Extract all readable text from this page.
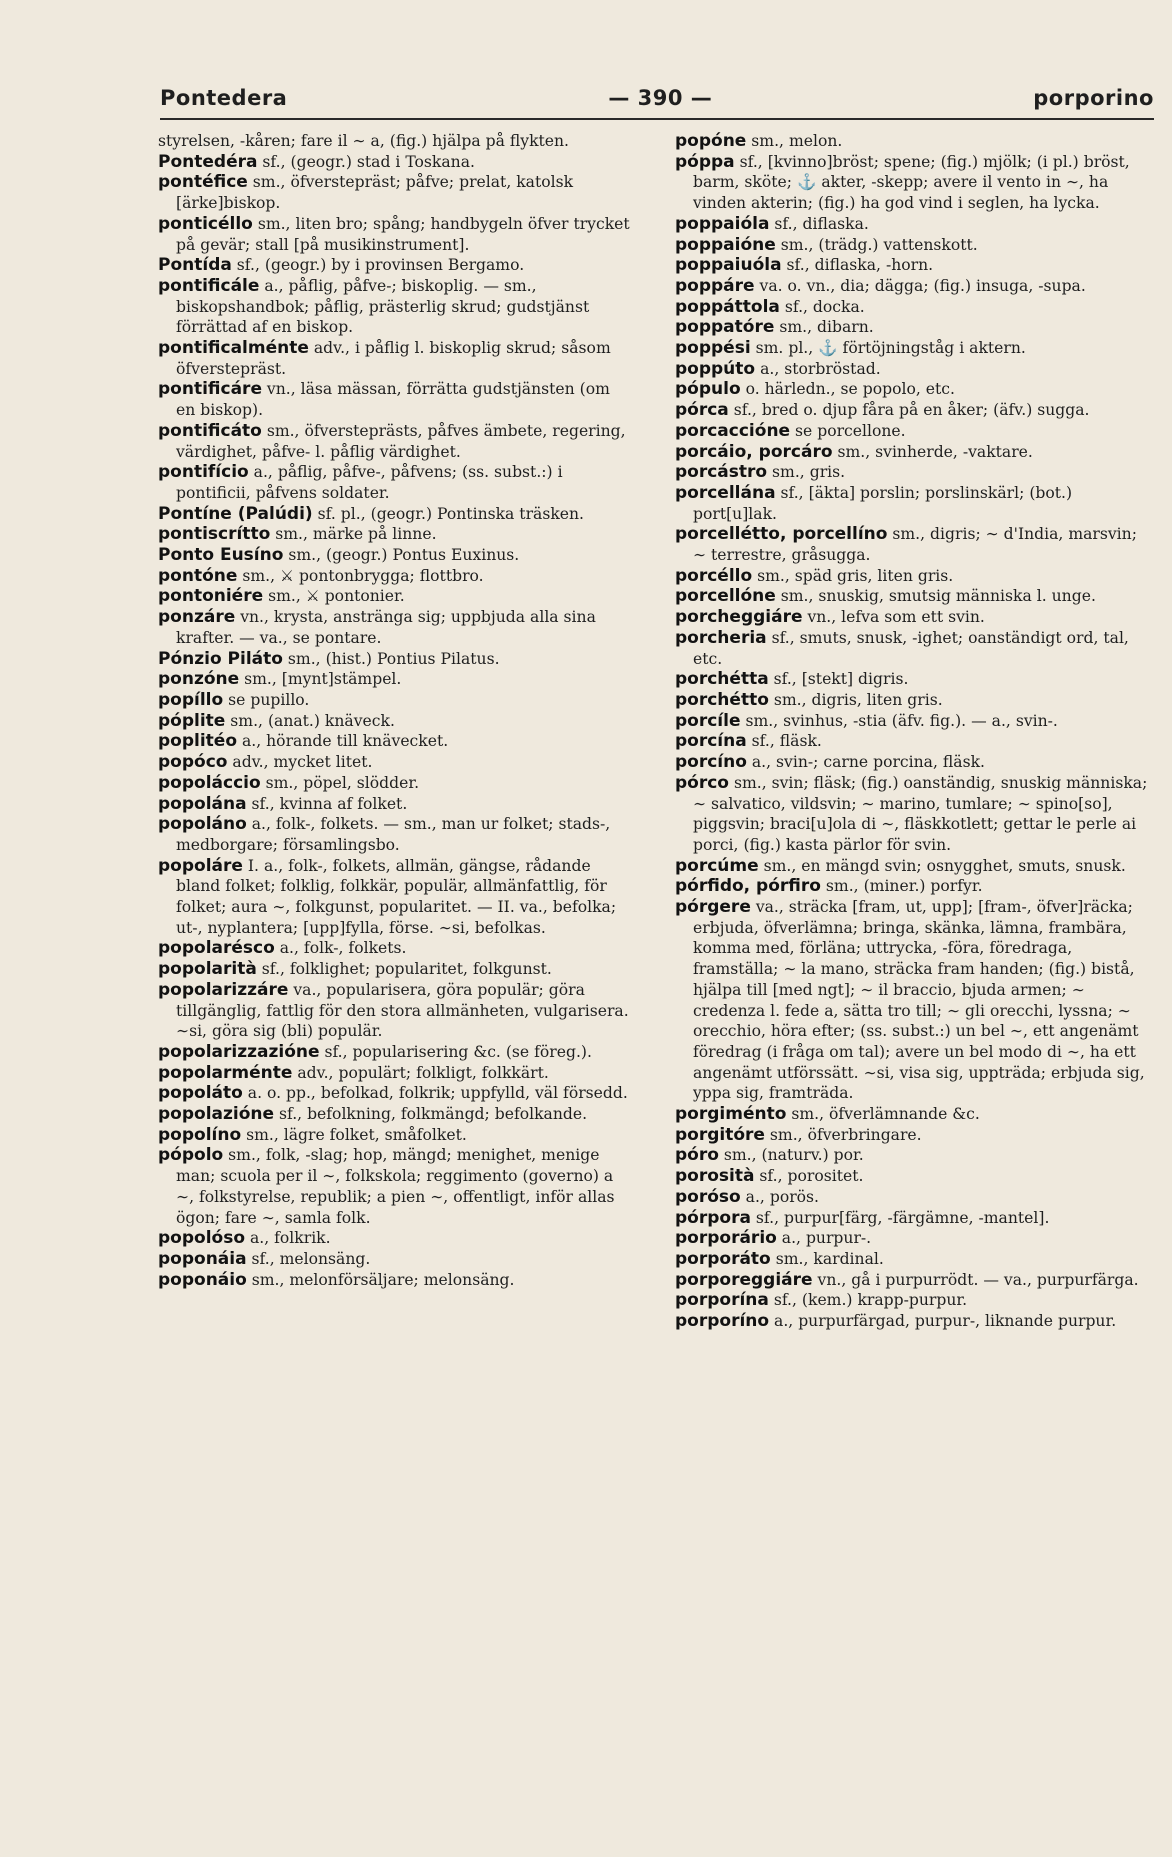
Pontedera	— 390 —	porporino

styrelsen, -kåren; fare il ∼ a, (fig.) hjälpa på flykten.

Pontedéra sf., (geogr.) stad i Toskana.

pontéfice sm., öfverstepräst; påfve; prelat, katolsk [ärke]biskop.

ponticéllo sm., liten bro; spång; handbygeln öfver trycket på gevär; stall [på musikinstrument].

Pontída sf., (geogr.) by i provinsen Bergamo.

pontificále a., påflig, påfve-; biskoplig. — sm., biskopshandbok; påflig, prästerlig skrud; gudstjänst förrättad af en biskop.

pontificalménte adv., i påflig l. biskoplig skrud; såsom öfverstepräst.

pontificáre vn., läsa mässan, förrätta gudstjänsten (om en biskop).

pontificáto sm., öfversteprästs, påfves ämbete, regering, värdighet, påfve- l. påflig värdighet.

pontifício a., påflig, påfve-, påfvens; (ss. subst.:) i pontificii, påfvens soldater.

Pontíne (Palúdi) sf. pl., (geogr.) Pontinska träsken.

pontiscrítto sm., märke på linne.

Ponto Eusíno sm., (geogr.) Pontus Euxinus.

pontóne sm., ⚔ pontonbrygga; flottbro.

pontoniére sm., ⚔ pontonier.

ponzáre vn., krysta, anstränga sig; uppbjuda alla sina krafter. — va., se pontare.

Pónzio Piláto sm., (hist.) Pontius Pilatus.

ponzóne sm., [mynt]stämpel.

popíllo se pupillo.

póplite sm., (anat.) knäveck.

poplitéo a., hörande till knävecket.

popóco adv., mycket litet.

popoláccio sm., pöpel, slödder.

popolána sf., kvinna af folket.

popoláno a., folk-, folkets. — sm., man ur folket; stads-, medborgare; församlingsbo.

popoláre I. a., folk-, folkets, allmän, gängse, rådande bland folket; folklig, folkkär, populär, allmänfattlig, för folket; aura ∼, folkgunst, popularitet. — II. va., befolka; ut-, nyplantera; [upp]fylla, förse. ∼si, befolkas.

popolarésco a., folk-, folkets.

popolarità sf., folklighet; popularitet, folkgunst.

popolarizzáre va., popularisera, göra populär; göra tillgänglig, fattlig för den stora allmänheten, vulgarisera. ∼si, göra sig (bli) populär.

popolarizzazióne sf., popularisering &c. (se föreg.).

popolarménte adv., populärt; folkligt, folkkärt.

popoláto a. o. pp., befolkad, folkrik; uppfylld, väl försedd.

popolazióne sf., befolkning, folkmängd; befolkande.

popolíno sm., lägre folket, småfolket.

pópolo sm., folk, -slag; hop, mängd; menighet, menige man; scuola per il ∼, folkskola; reggimento (governo) a ∼, folkstyrelse, republik; a pien ∼, offentligt, inför allas ögon; fare ∼, samla folk.

popolóso a., folkrik.

poponáia sf., melonsäng.

poponáio sm., melonförsäljare; melonsäng.

popóne sm., melon.

póppa sf., [kvinno]bröst; spene; (fig.) mjölk; (i pl.) bröst, barm, sköte; ⚓ akter, -skepp; avere il vento in ∼, ha vinden akterin; (fig.) ha god vind i seglen, ha lycka.

poppaióla sf., diflaska.

poppaióne sm., (trädg.) vattenskott.

poppaiuóla sf., diflaska, -horn.

poppáre va. o. vn., dia; dägga; (fig.) insuga, -supa.

poppáttola sf., docka.

poppatóre sm., dibarn.

poppési sm. pl., ⚓ förtöjningståg i aktern.

poppúto a., storbröstad.

pópulo o. härledn., se popolo, etc.

pórca sf., bred o. djup fåra på en åker; (äfv.) sugga.

porcaccióne se porcellone.

porcáio, porcáro sm., svinherde, -vaktare.

porcástro sm., gris.

porcellána sf., [äkta] porslin; porslinskärl; (bot.) port[u]lak.

porcellétto, porcellíno sm., digris; ∼ d'India, marsvin; ∼ terrestre, gråsugga.

porcéllo sm., späd gris, liten gris.

porcellóne sm., snuskig, smutsig människa l. unge.

porcheggiáre vn., lefva som ett svin.

porcheria sf., smuts, snusk, -ighet; oanständigt ord, tal, etc.

porchétta sf., [stekt] digris.

porchétto sm., digris, liten gris.

porcíle sm., svinhus, -stia (äfv. fig.). — a., svin-.

porcína sf., fläsk.

porcíno a., svin-; carne porcina, fläsk.

pórco sm., svin; fläsk; (fig.) oanständig, snuskig människa; ∼ salvatico, vildsvin; ∼ marino, tumlare; ∼ spino[so], piggsvin; braci[u]ola di ∼, fläskkotlett; gettar le perle ai porci, (fig.) kasta pärlor för svin.

porcúme sm., en mängd svin; osnygghet, smuts, snusk.

pórfido, pórfiro sm., (miner.) porfyr.

pórgere va., sträcka [fram, ut, upp]; [fram-, öfver]räcka; erbjuda, öfverlämna; bringa, skänka, lämna, frambära, komma med, förläna; uttrycka, -föra, föredraga, framställa; ∼ la mano, sträcka fram handen; (fig.) bistå, hjälpa till [med ngt]; ∼ il braccio, bjuda armen; ∼ credenza l. fede a, sätta tro till; ∼ gli orecchi, lyssna; ∼ orecchio, höra efter; (ss. subst.:) un bel ∼, ett angenämt föredrag (i fråga om tal); avere un bel modo di ∼, ha ett angenämt utförssätt. ∼si, visa sig, uppträda; erbjuda sig, yppa sig, framträda.

porgiménto sm., öfverlämnande &c.

porgitóre sm., öfverbringare.

póro sm., (naturv.) por.

porosità sf., porositet.

poróso a., porös.

pórpora sf., purpur[färg, -färgämne, -mantel].

porporário a., purpur-.

porporáto sm., kardinal.

porporeggiáre vn., gå i purpurrödt. — va., purpurfärga.

porporína sf., (kem.) krapp-purpur.

porporíno a., purpurfärgad, purpur-, liknande purpur.
